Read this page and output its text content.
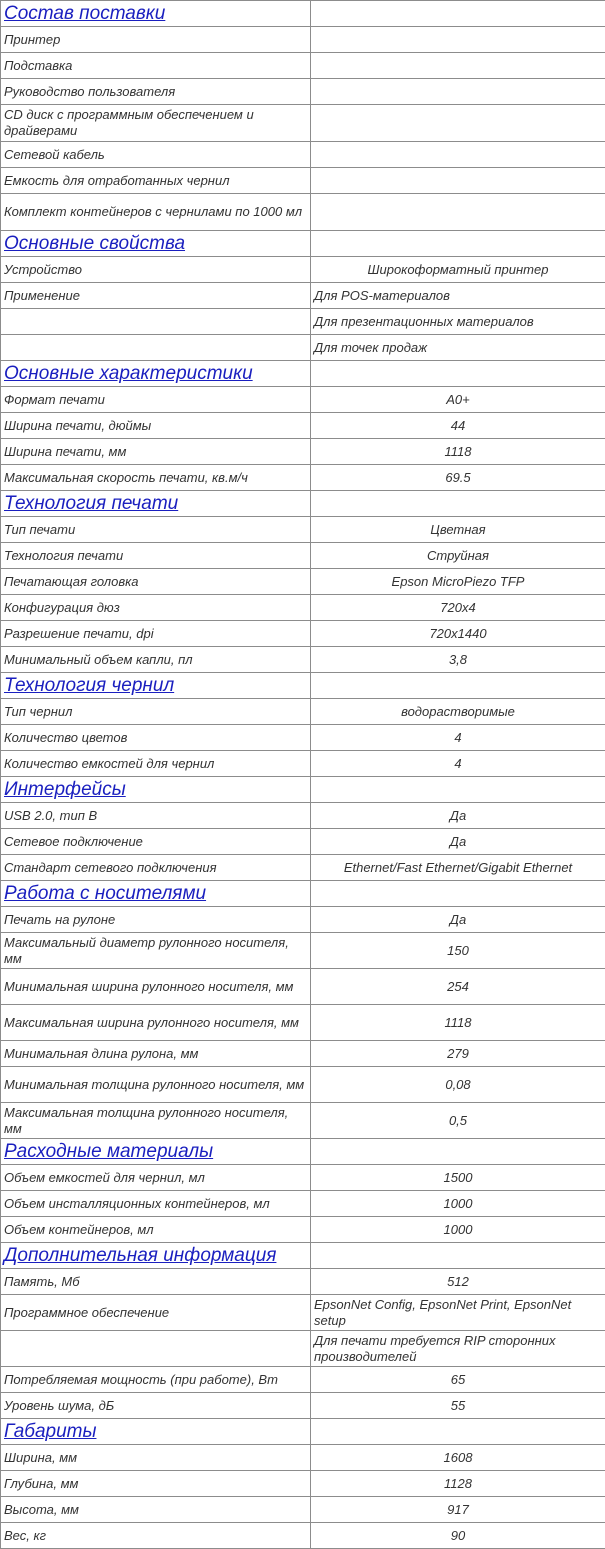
Состав поставки	
Принтер	
Подставка	
Руководство пользователя	
CD диск с программным обеспечением и драйверами	
Сетевой кабель	
Емкость для отработанных чернил	
Комплект контейнеров с чернилами по 1000 мл	
Основные свойства	
Устройство	Широкоформатный принтер
Применение	Для POS-материалов
	Для презентационных материалов
	Для точек продаж
Основные характеристики	
Формат печати	A0+
Ширина печати, дюймы	44
Ширина печати, мм	1118
Максимальная скорость печати, кв.м/ч	69.5
Технология печати	
Тип печати	Цветная
Технология печати	Струйная
Печатающая головка	Epson MicroPiezo TFP
Конфигурация дюз	720x4
Разрешение печати, dpi	720x1440
Минимальный объем капли, пл	3,8
Технология чернил	
Тип чернил	водорастворимые
Количество цветов	4
Количество емкостей для чернил	4
Интерфейсы	
USB 2.0, тип B	Да
Сетевое подключение	Да
Стандарт сетевого подключения	Ethernet/Fast Ethernet/Gigabit Ethernet
Работа с носителями	
Печать на рулоне	Да
Максимальный диаметр рулонного носителя, мм	150
Минимальная ширина рулонного носителя, мм	254
Максимальная ширина рулонного носителя, мм	1118
Минимальная длина рулона, мм	279
Минимальная толщина рулонного носителя, мм	0,08
Максимальная толщина рулонного носителя, мм	0,5
Расходные материалы	
Объем емкостей для чернил, мл	1500
Объем инсталляционных контейнеров, мл	1000
Объем контейнеров, мл	1000
Дополнительная информация	
Память, Мб	512
Программное обеспечение	EpsonNet Config, EpsonNet Print, EpsonNet setup
	Для печати требуется RIP сторонних производителей
Потребляемая мощность (при работе), Вт	65
Уровень шума, дБ	55
Габариты	
Ширина, мм	1608
Глубина, мм	1128
Высота, мм	917
Вес, кг	90
